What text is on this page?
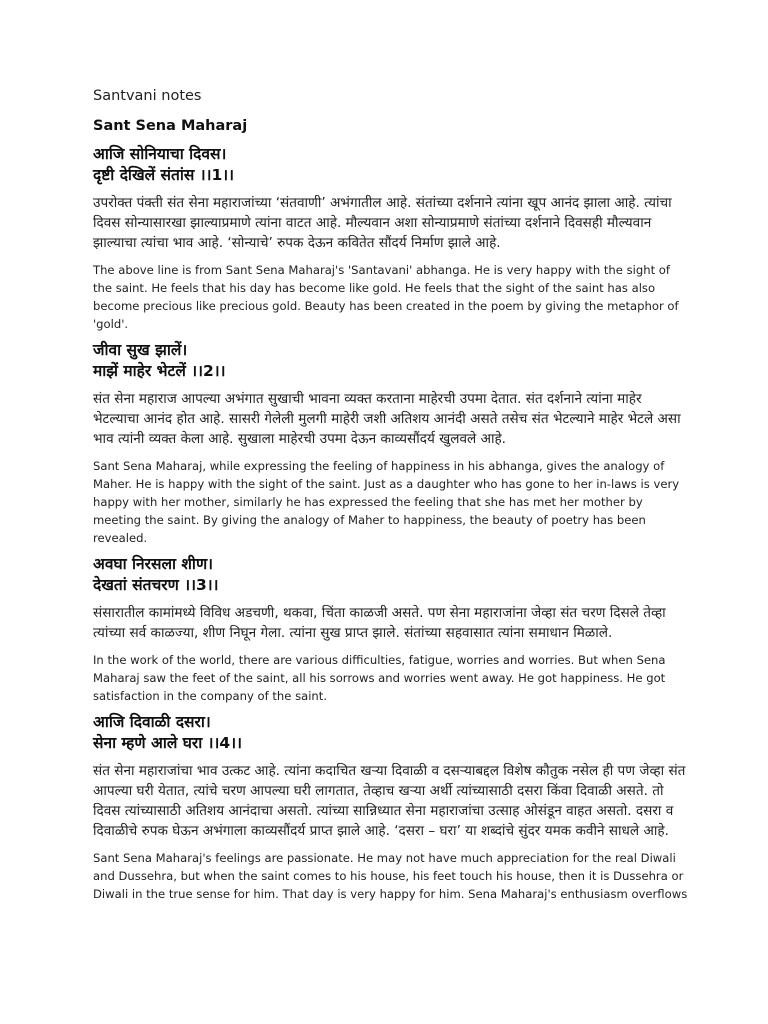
Santvani notes

Sant Sena Maharaj

आजि सोनियाचा दिवस।
दृष्टी देखिलें संतांस ।।1।।

उपरोक्त पंक्ती संत सेना महाराजांच्या ‘संतवाणी’ अभंगातील आहे. संतांच्या दर्शनाने त्यांना खूप आनंद झाला आहे. त्यांचा दिवस सोन्यासारखा झाल्याप्रमाणे त्यांना वाटत आहे. मौल्यवान अशा सोन्याप्रमाणे संतांच्या दर्शनाने दिवसही मौल्यवान झाल्याचा त्यांचा भाव आहे. ‘सोन्याचे’ रुपक देऊन कवितेत सौंदर्य निर्माण झाले आहे.

The above line is from Sant Sena Maharaj's 'Santavani' abhanga. He is very happy with the sight of the saint. He feels that his day has become like gold. He feels that the sight of the saint has also become precious like precious gold. Beauty has been created in the poem by giving the metaphor of 'gold'.

जीवा सुख झालें।
माझें माहेर भेटलें ।।2।।

संत सेना महाराज आपल्या अभंगात सुखाची भावना व्यक्त करताना माहेरची उपमा देतात. संत दर्शनाने त्यांना माहेर भेटल्याचा आनंद होत आहे. सासरी गेलेली मुलगी माहेरी जशी अतिशय आनंदी असते तसेच संत भेटल्याने माहेर भेटले असा भाव त्यांनी व्यक्त केला आहे. सुखाला माहेरची उपमा देऊन काव्यसौंदर्य खुलवले आहे.

Sant Sena Maharaj, while expressing the feeling of happiness in his abhanga, gives the analogy of Maher. He is happy with the sight of the saint. Just as a daughter who has gone to her in-laws is very happy with her mother, similarly he has expressed the feeling that she has met her mother by meeting the saint. By giving the analogy of Maher to happiness, the beauty of poetry has been revealed.

अवघा निरसला शीण।
देखतां संतचरण ।।3।।

संसारातील कामांमध्ये विविध अडचणी, थकवा, चिंता काळजी असते. पण सेना महाराजांना जेव्हा संत चरण दिसले तेव्हा त्यांच्या सर्व काळज्या, शीण निघून गेला. त्यांना सुख प्राप्त झाले. संतांच्या सहवासात त्यांना समाधान मिळाले.

In the work of the world, there are various difficulties, fatigue, worries and worries. But when Sena Maharaj saw the feet of the saint, all his sorrows and worries went away. He got happiness. He got satisfaction in the company of the saint.

आजि दिवाळी दसरा।
सेना म्हणे आले घरा ।।4।।

संत सेना महाराजांचा भाव उत्कट आहे. त्यांना कदाचित खऱ्या दिवाळी व दसऱ्याबद्दल विशेष कौतुक नसेल ही पण जेव्हा संत आपल्या घरी येतात, त्यांचे चरण आपल्या घरी लागतात, तेव्हाच खऱ्या अर्थी त्यांच्यासाठी दसरा किंवा दिवाळी असते. तो दिवस त्यांच्यासाठी अतिशय आनंदाचा असतो. त्यांच्या सान्निध्यात सेना महाराजांचा उत्साह ओसंडून वाहत असतो. दसरा व दिवाळीचे रुपक घेऊन अभंगाला काव्यसौंदर्य प्राप्त झाले आहे. ‘दसरा – घरा’ या शब्दांचे सुंदर यमक कवीने साधले आहे.

Sant Sena Maharaj's feelings are passionate. He may not have much appreciation for the real Diwali and Dussehra, but when the saint comes to his house, his feet touch his house, then it is Dussehra or Diwali in the true sense for him. That day is very happy for him. Sena Maharaj's enthusiasm overflows
